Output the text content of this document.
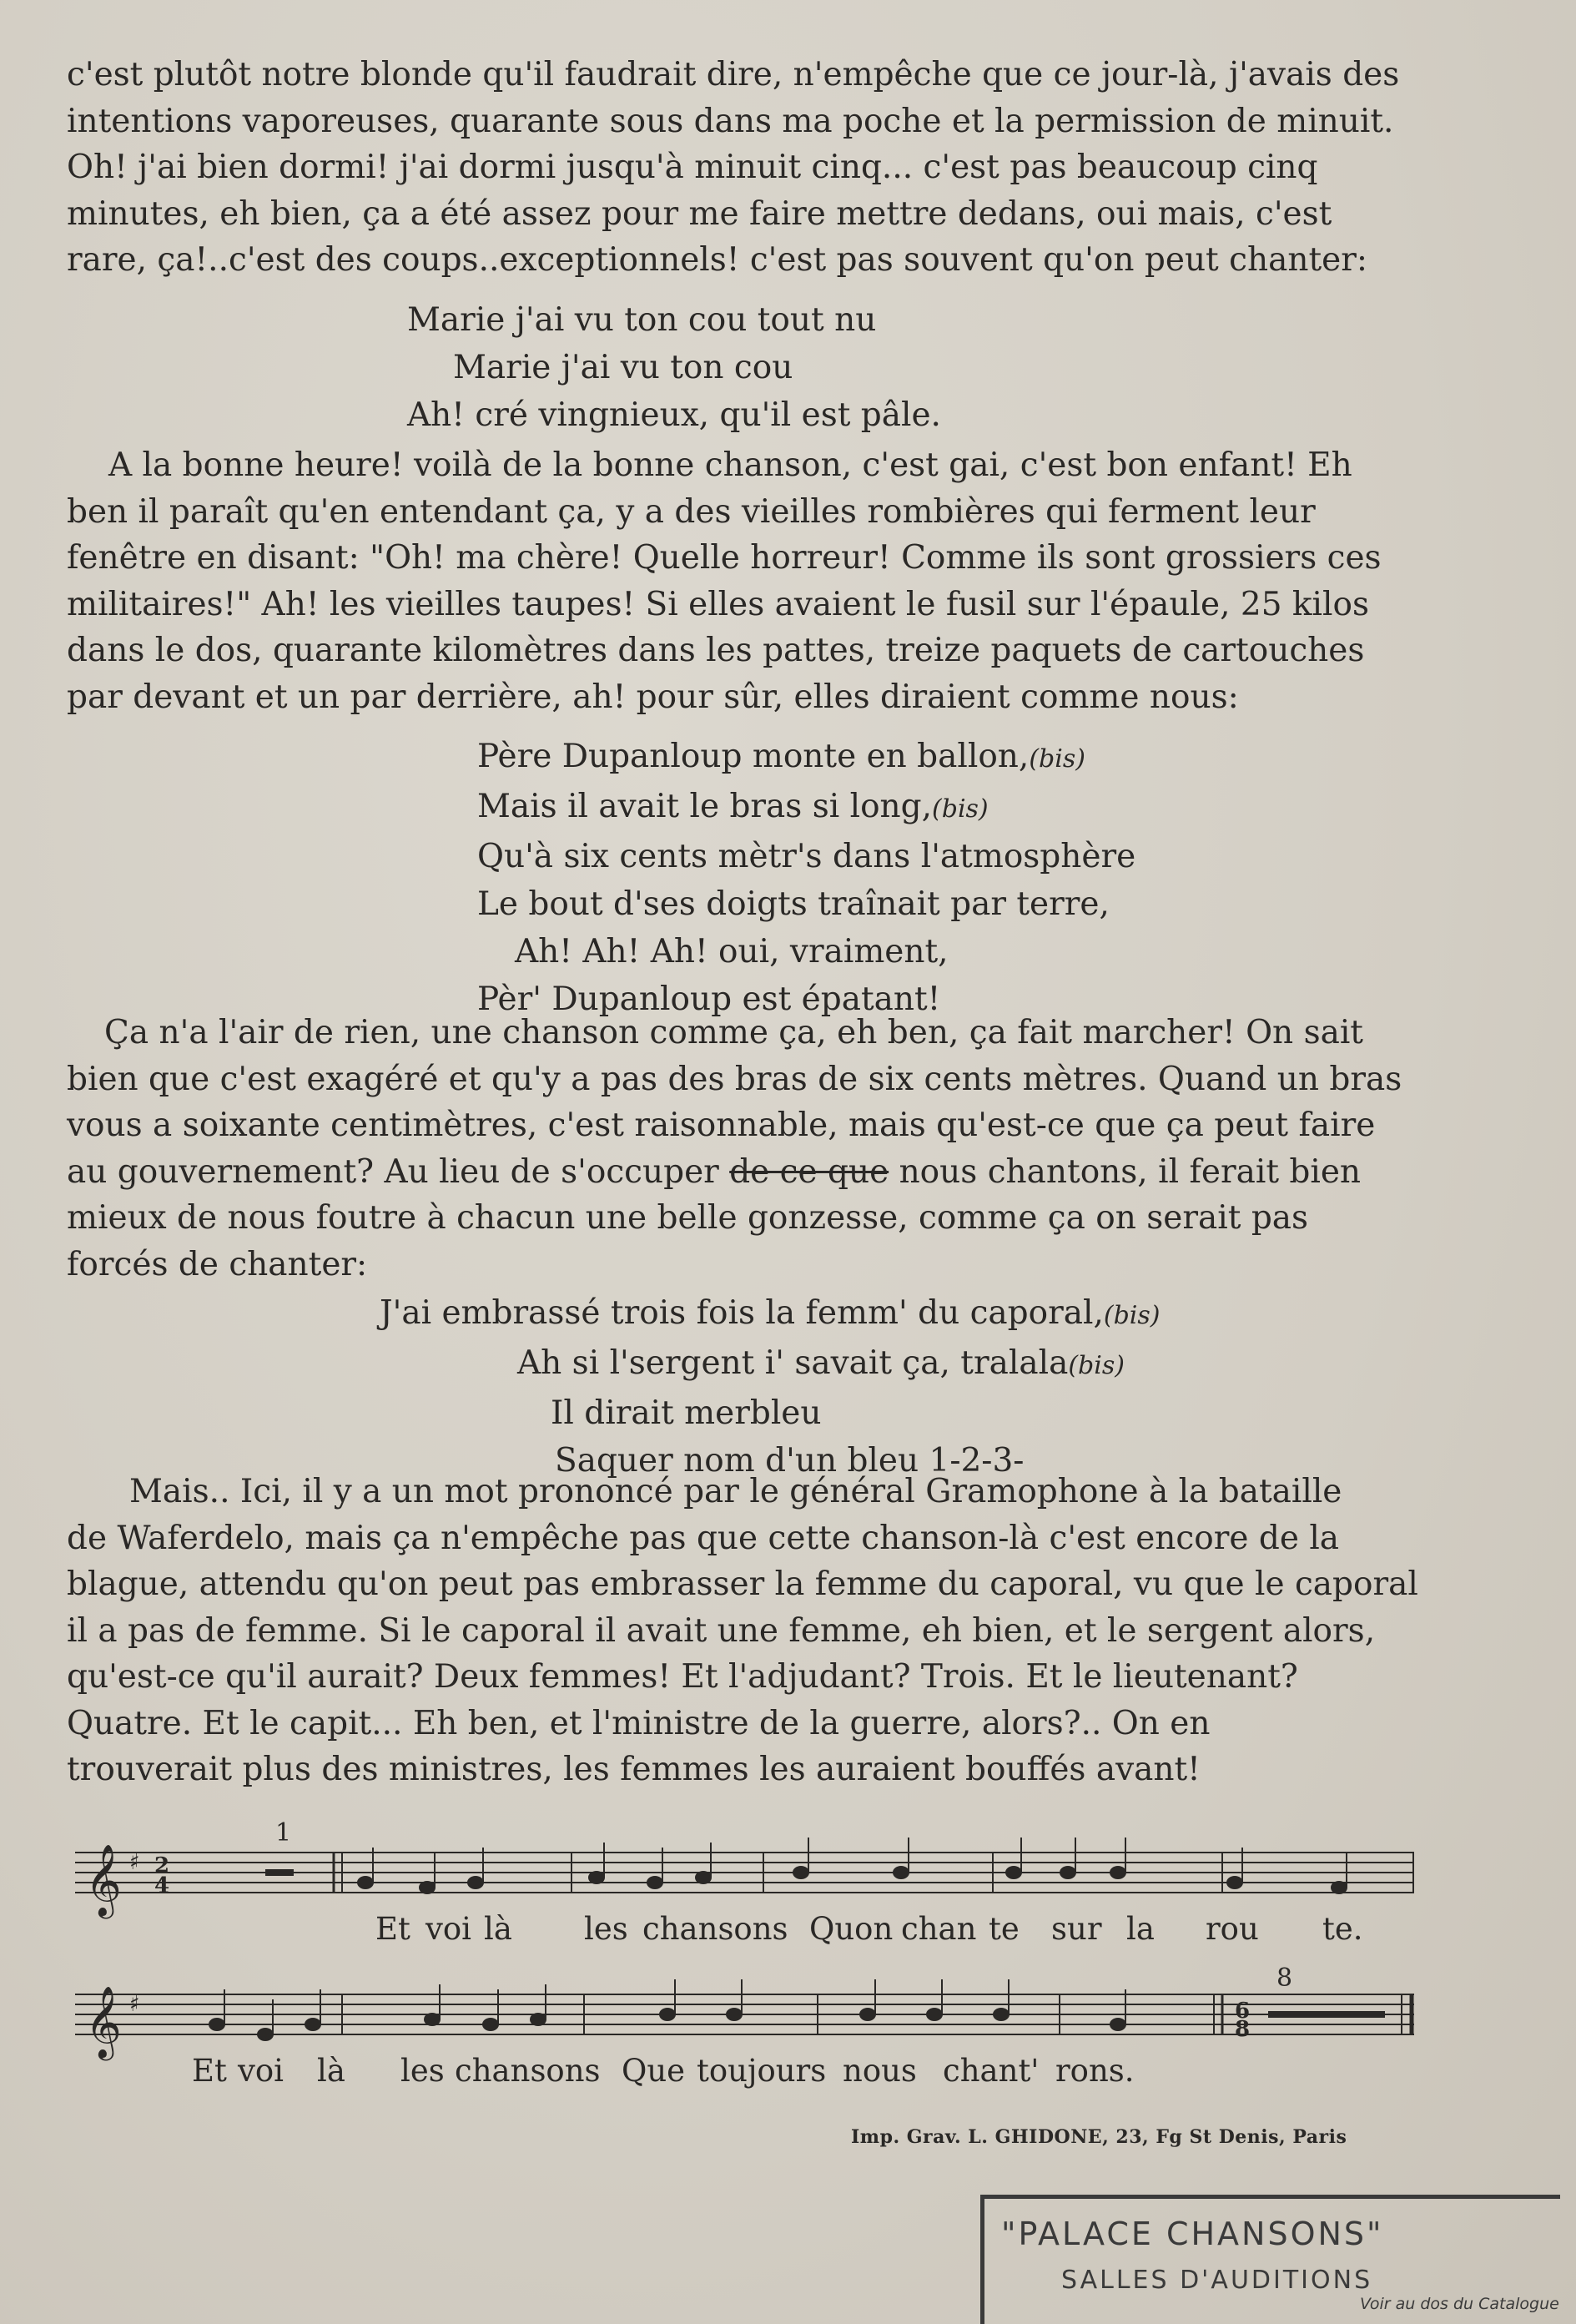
c'est plutôt notre blonde qu'il faudrait dire, n'empêche que ce jour-là, j'avais des
intentions vaporeuses, quarante sous dans ma poche et la permission de minuit.
Oh! j'ai bien dormi! j'ai dormi jusqu'à minuit cinq... c'est pas beaucoup cinq
minutes, eh bien, ça a été assez pour me faire mettre dedans, oui mais, c'est
rare, ça!..c'est des coups..exceptionnels! c'est pas souvent qu'on peut chanter:
Marie j'ai vu ton cou tout nu
Marie j'ai vu ton cou
Ah! cré vingnieux, qu'il est pâle.
A la bonne heure! voilà de la bonne chanson, c'est gai, c'est bon enfant! Eh
ben il paraît qu'en entendant ça, y a des vieilles rombières qui ferment leur
fenêtre en disant: "Oh! ma chère! Quelle horreur! Comme ils sont grossiers ces
militaires!" Ah! les vieilles taupes! Si elles avaient le fusil sur l'épaule, 25 kilos
dans le dos, quarante kilomètres dans les pattes, treize paquets de cartouches
par devant et un par derrière, ah! pour sûr, elles diraient comme nous:
Père Dupanloup monte en ballon,(bis)
Mais il avait le bras si long,(bis)
Qu'à six cents mètr's dans l'atmosphère
Le bout d'ses doigts traînait par terre,
Ah! Ah! Ah! oui, vraiment,
Pèr' Dupanloup est épatant!
Ça n'a l'air de rien, une chanson comme ça, eh ben, ça fait marcher! On sait
bien que c'est exagéré et qu'y a pas des bras de six cents mètres. Quand un bras
vous a soixante centimètres, c'est raisonnable, mais qu'est-ce que ça peut faire
au gouvernement? Au lieu de s'occuper de ce que nous chantons, il ferait bien
mieux de nous foutre à chacun une belle gonzesse, comme ça on serait pas
forcés de chanter:
J'ai embrassé trois fois la femm' du caporal,(bis)
Ah si l'sergent i' savait ça, tralala(bis)
Il dirait merbleu
Saquer nom d'un bleu 1-2-3-
Mais.. Ici, il y a un mot prononcé par le général Gramophone à la bataille
de Waferdelo, mais ça n'empêche pas que cette chanson-là c'est encore de la
blague, attendu qu'on peut pas embrasser la femme du caporal, vu que le caporal
il a pas de femme. Si le caporal il avait une femme, eh bien, et le sergent alors,
qu'est-ce qu'il aurait? Deux femmes! Et l'adjudant? Trois. Et le lieutenant?
Quatre. Et le capit... Eh ben, et l'ministre de la guerre, alors?.. On en
trouverait plus des ministres, les femmes les auraient bouffés avant!
𝄞 ♯ 2
4
1
𝄞 ♯	6
8
8
Et voi là les chansons Quon chan te sur la rou te.
Et voi là les chansons Que toujours nous chant' rons.
Imp. Grav. L. GHIDONE, 23, Fg St Denis, Paris
"PALACE CHANSONS"
SALLES D'AUDITIONS
Voir au dos du Catalogue
